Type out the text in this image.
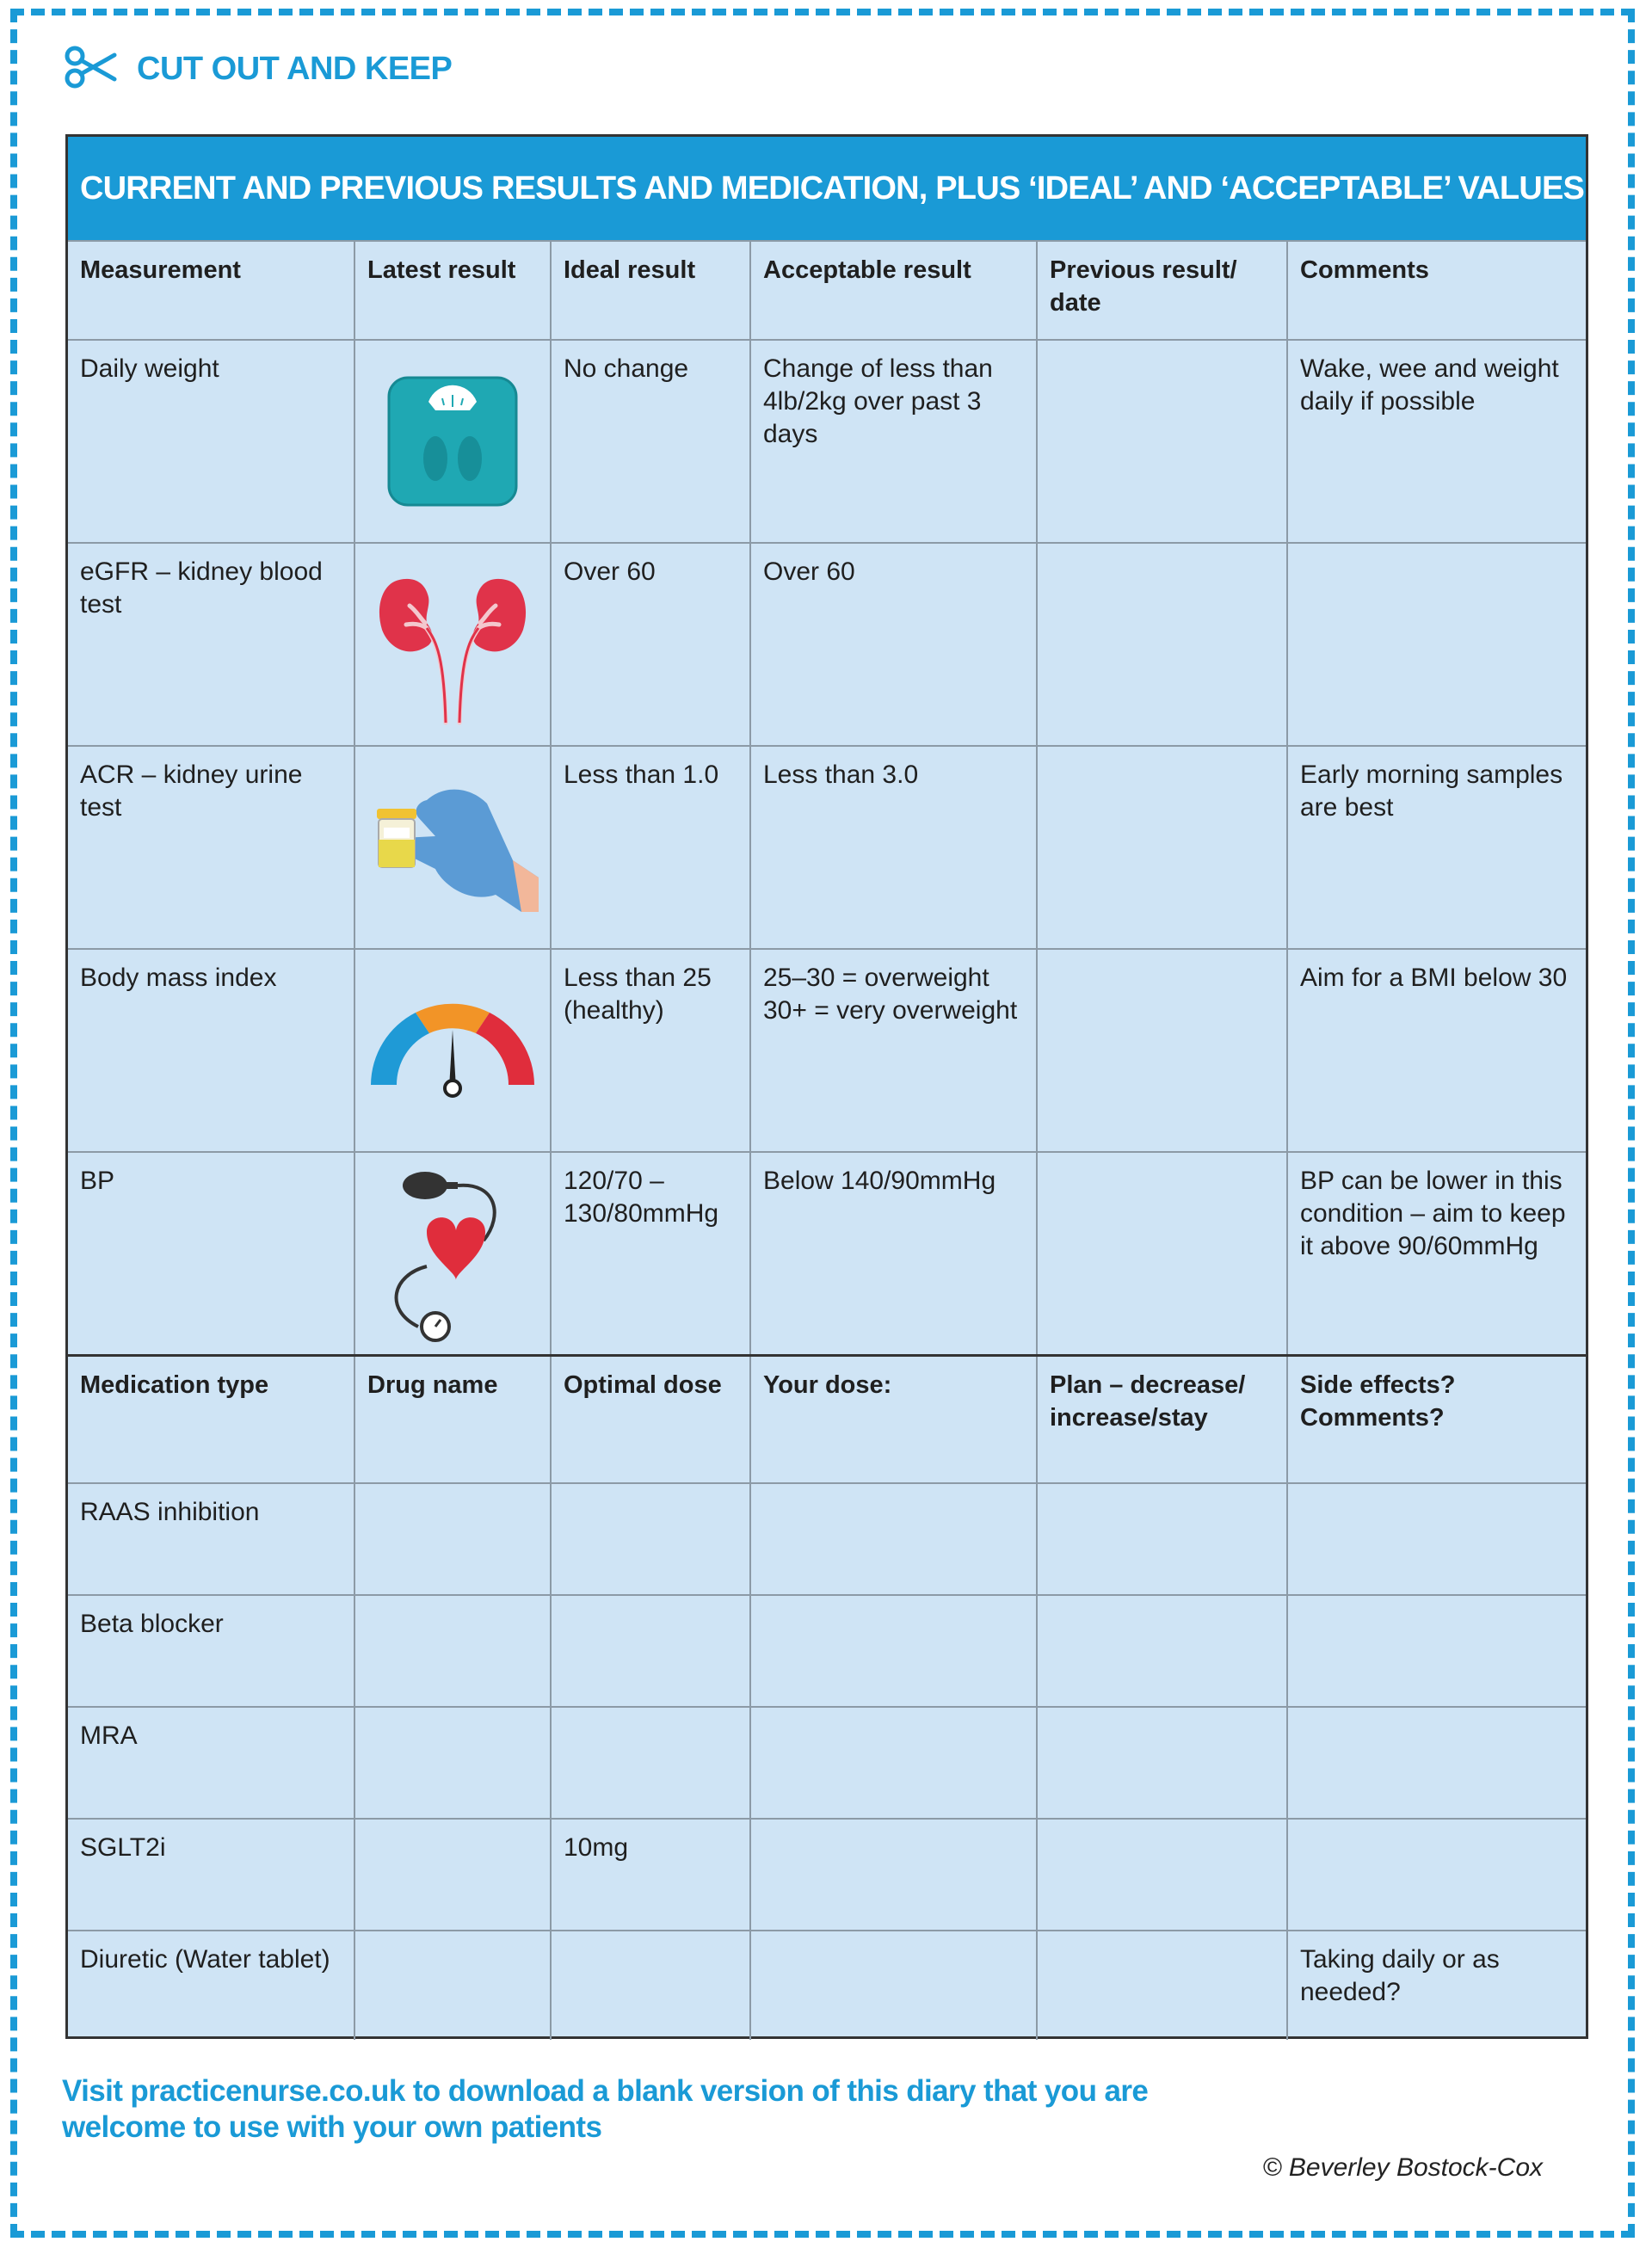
CUT OUT AND KEEP
CURRENT AND PREVIOUS RESULTS AND MEDICATION, PLUS ‘IDEAL’ AND ‘ACCEPTABLE’ VALUES
Measurement	Latest result	Ideal result	Acceptable result	Previous result/ date	Comments
Daily weight		No change	Change of less than 4lb/2kg over past 3 days		Wake, wee and weight daily if possible
eGFR – kidney blood test		Over 60	Over 60		
ACR – kidney urine test		Less than 1.0	Less than 3.0		Early morning samples are best
Body mass index		Less than 25 (healthy)	25–30 = overweight 30+ = very overweight		Aim for a BMI below 30
BP		120/70 – 130/80mmHg	Below 140/90mmHg		BP can be lower in this condition – aim to keep it above 90/60mmHg
Medication type	Drug name	Optimal dose	Your dose:	Plan – decrease/ increase/stay	Side effects? Comments?
RAAS inhibition					
Beta blocker					
MRA					
SGLT2i		10mg			
Diuretic (Water tablet)					Taking daily or as needed?
Visit practicenurse.co.uk to download a blank version of this diary that you are welcome to use with your own patients
© Beverley Bostock-Cox
